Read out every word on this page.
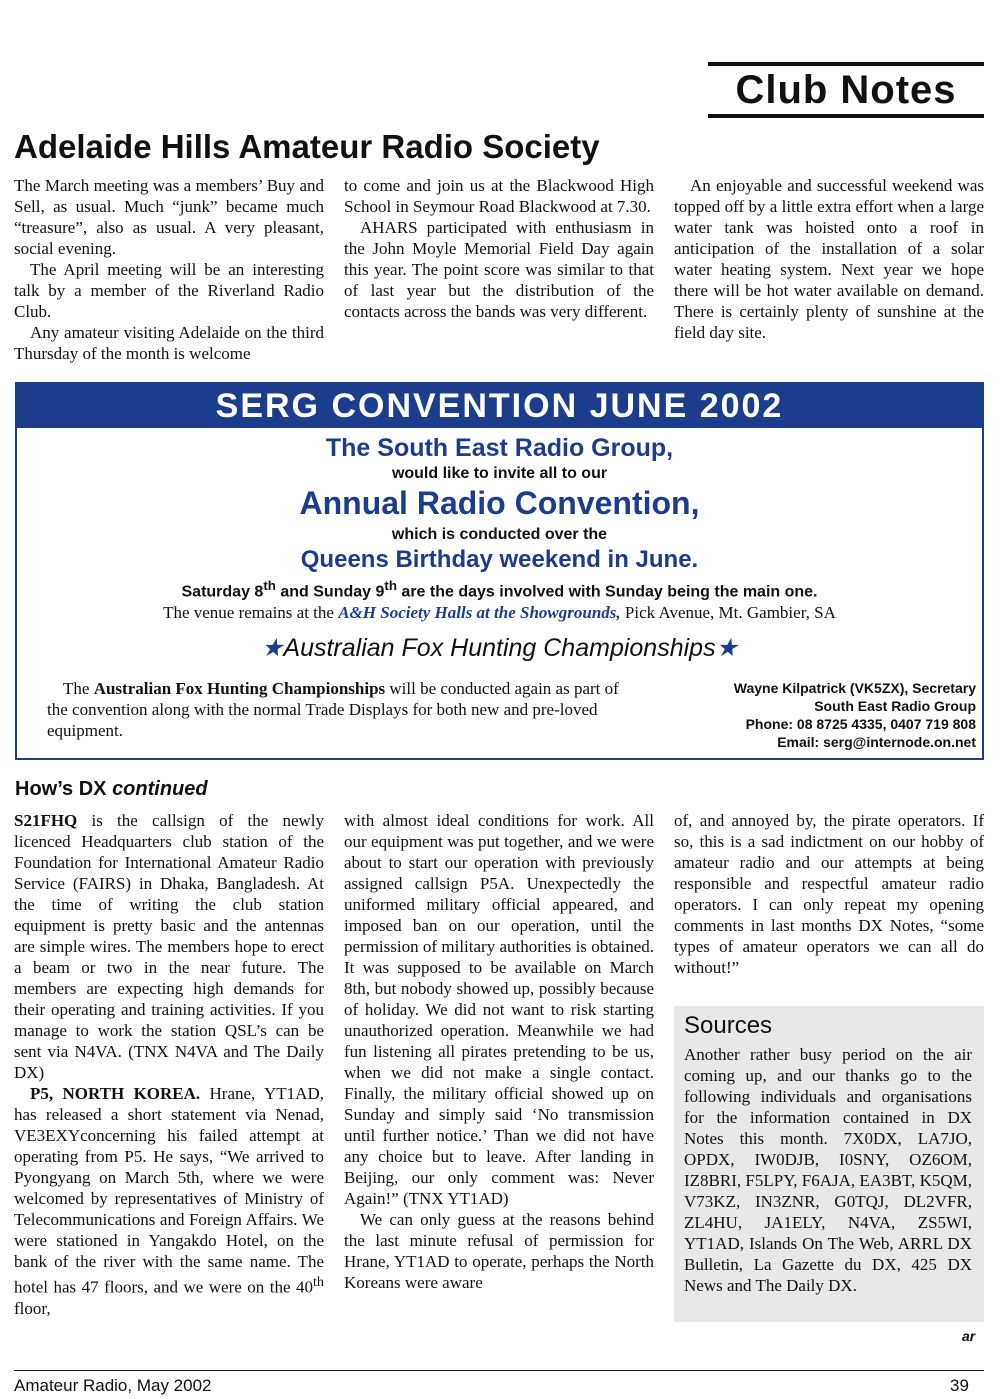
Club Notes
Adelaide Hills Amateur Radio Society

The March meeting was a members’ Buy and Sell, as usual. Much “junk” became much “treasure”, also as usual. A very pleasant, social evening.

The April meeting will be an interesting talk by a member of the Riverland Radio Club.

Any amateur visiting Adelaide on the third Thursday of the month is welcome

to come and join us at the Blackwood High School in Seymour Road Blackwood at 7.30.

AHARS participated with enthusiasm in the John Moyle Memorial Field Day again this year. The point score was similar to that of last year but the distribution of the contacts across the bands was very different.

An enjoyable and successful weekend was topped off by a little extra effort when a large water tank was hoisted onto a roof in anticipation of the installation of a solar water heating system. Next year we hope there will be hot water available on demand. There is certainly plenty of sunshine at the field day site.

SERG CONVENTION JUNE 2002

The South East Radio Group,

would like to invite all to our

Annual Radio Convention,

which is conducted over the

Queens Birthday weekend in June.

Saturday 8th and Sunday 9th are the days involved with Sunday being the main one.

The venue remains at the A&H Society Halls at the Showgrounds, Pick Avenue, Mt. Gambier, SA

★Australian Fox Hunting Championships★

The Australian Fox Hunting Championships will be conducted again as part of the convention along with the normal Trade Displays for both new and pre-loved equipment.

Wayne Kilpatrick (VK5ZX), Secretary
South East Radio Group
Phone: 08 8725 4335, 0407 719 808
Email: serg@internode.on.net
How’s DX continued

S21FHQ is the callsign of the newly licenced Headquarters club station of the Foundation for International Amateur Radio Service (FAIRS) in Dhaka, Bangladesh. At the time of writing the club station equipment is pretty basic and the antennas are simple wires. The members hope to erect a beam or two in the near future. The members are expecting high demands for their operating and training activities. If you manage to work the station QSL’s can be sent via N4VA. (TNX N4VA and The Daily DX)

P5, NORTH KOREA. Hrane, YT1AD, has released a short statement via Nenad, VE3EXYconcerning his failed attempt at operating from P5. He says, “We arrived to Pyongyang on March 5th, where we were welcomed by representatives of Ministry of Telecommunications and Foreign Affairs. We were stationed in Yangakdo Hotel, on the bank of the river with the same name. The hotel has 47 floors, and we were on the 40th floor,

with almost ideal conditions for work. All our equipment was put together, and we were about to start our operation with previously assigned callsign P5A. Unexpectedly the uniformed military official appeared, and imposed ban on our operation, until the permission of military authorities is obtained. It was supposed to be available on March 8th, but nobody showed up, possibly because of holiday. We did not want to risk starting unauthorized operation. Meanwhile we had fun listening all pirates pretending to be us, when we did not make a single contact. Finally, the military official showed up on Sunday and simply said ‘No transmission until further notice.’ Than we did not have any choice but to leave. After landing in Beijing, our only comment was: Never Again!” (TNX YT1AD)

We can only guess at the reasons behind the last minute refusal of permission for Hrane, YT1AD to operate, perhaps the North Koreans were aware

of, and annoyed by, the pirate operators. If so, this is a sad indictment on our hobby of amateur radio and our attempts at being responsible and respectful amateur radio operators. I can only repeat my opening comments in last months DX Notes, “some types of amateur operators we can all do without!”

Sources

Another rather busy period on the air coming up, and our thanks go to the following individuals and organisations for the information contained in DX Notes this month. 7X0DX, LA7JO, OPDX, IW0DJB, I0SNY, OZ6OM, IZ8BRI, F5LPY, F6AJA, EA3BT, K5QM, V73KZ, IN3ZNR, G0TQJ, DL2VFR, ZL4HU, JA1ELY, N4VA, ZS5WI, YT1AD, Islands On The Web, ARRL DX Bulletin, La Gazette du DX, 425 DX News and The Daily DX.

ar
Amateur Radio, May 2002	39
